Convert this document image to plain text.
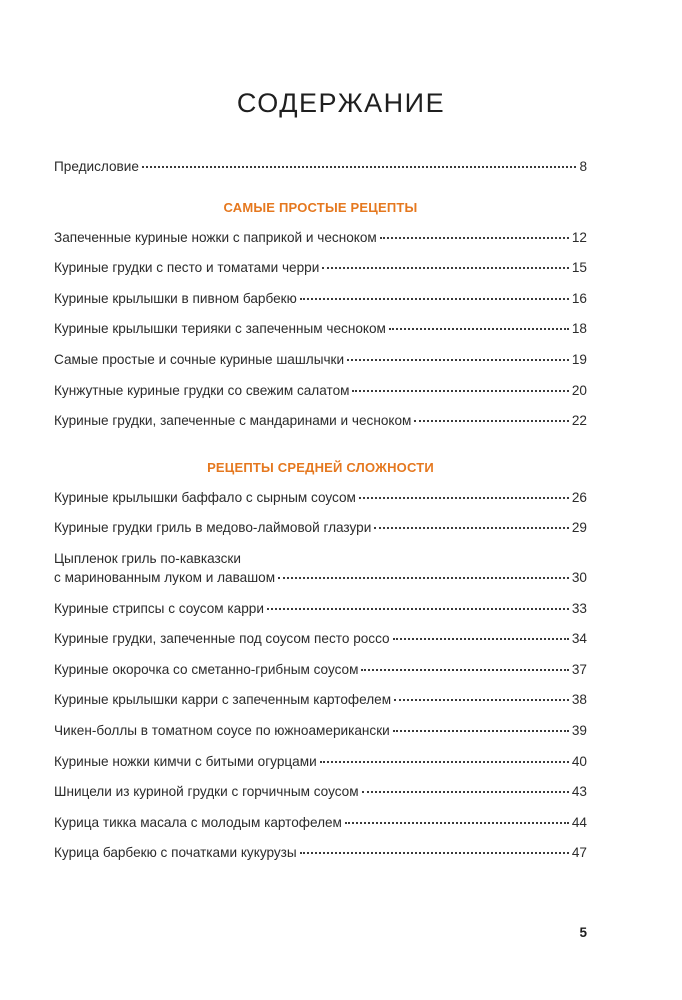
СОДЕРЖАНИЕ
Предисловие	8
САМЫЕ ПРОСТЫЕ РЕЦЕПТЫ
Запеченные куриные ножки с паприкой и чесноком	12
Куриные грудки с песто и томатами черри	15
Куриные крылышки в пивном барбекю	16
Куриные крылышки терияки с запеченным чесноком	18
Самые простые и сочные куриные шашлычки	19
Кунжутные куриные грудки со свежим салатом	20
Куриные грудки, запеченные с мандаринами и чесноком	22
РЕЦЕПТЫ СРЕДНЕЙ СЛОЖНОСТИ
Куриные крылышки баффало с сырным соусом	26
Куриные грудки гриль в медово-лаймовой глазури	29
Цыпленок гриль по-кавказски
с маринованным луком и лавашом	30
Куриные стрипсы с соусом карри	33
Куриные грудки, запеченные под соусом песто россо	34
Куриные окорочка со сметанно-грибным соусом	37
Куриные крылышки карри с запеченным картофелем	38
Чикен-боллы в томатном соусе по южноамерикански	39
Куриные ножки кимчи с битыми огурцами	40
Шницели из куриной грудки с горчичным соусом	43
Курица тикка масала с молодым картофелем	44
Курица барбекю с початками кукурузы	47
5
